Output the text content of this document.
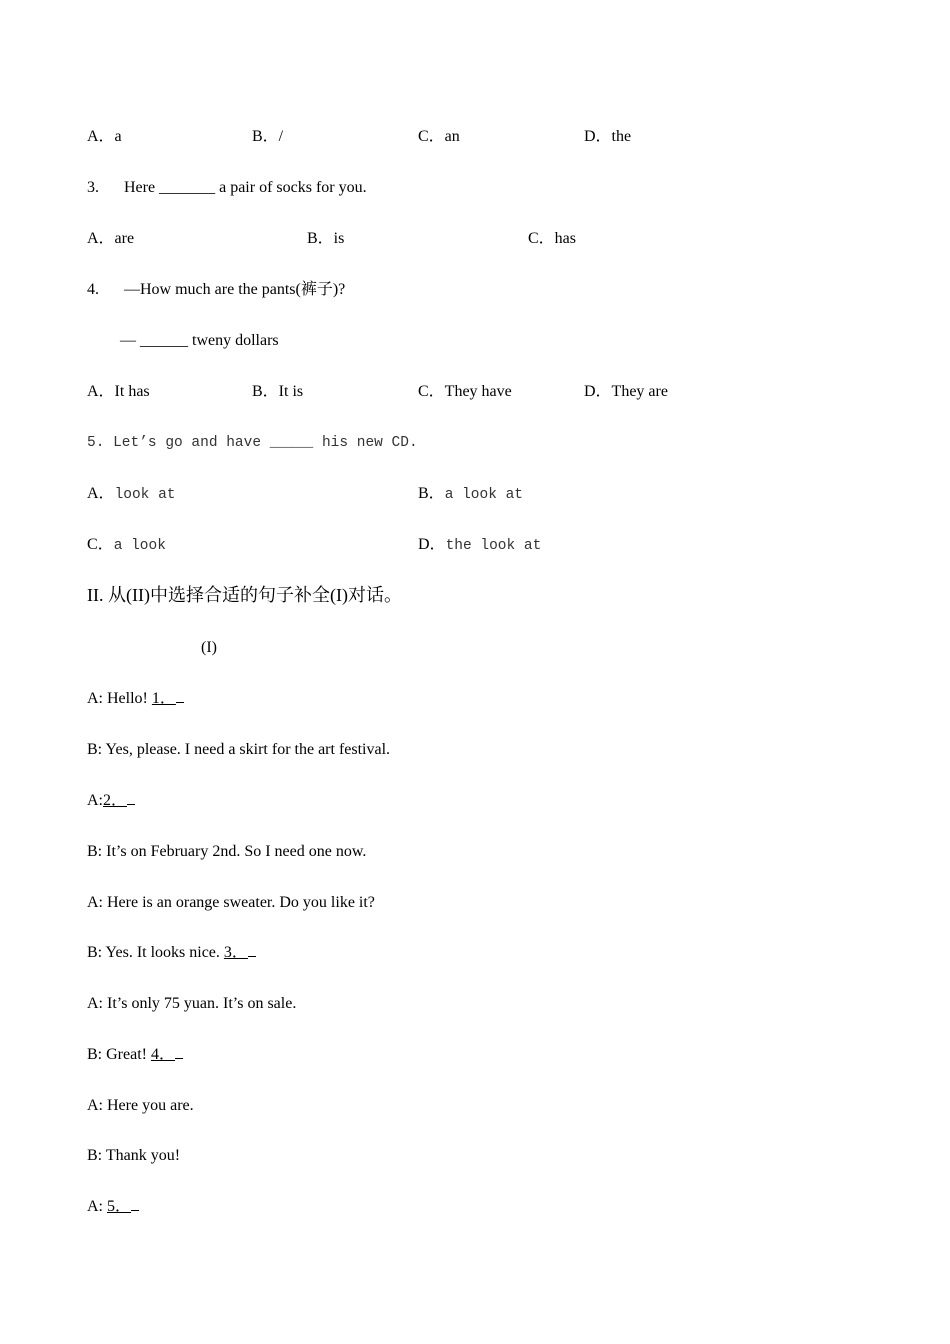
A．a	B．/	C．an	D．the
3. Here _______ a pair of socks for you.
A．are	B．is	C．has
4. —How much are the pants(裤子)?
— ______ tweny dollars
A．It has	B．It is	C．They have	D．They are
5. Let’s go and have _____ his new CD.
A．look at	B．a look at
C．a look	D．the look at
II. 从(II)中选择合适的句子补全(I)对话。
(I)
A: Hello! 1．
B: Yes, please. I need a skirt for the art festival.
A:2．
B: It’s on February 2nd. So I need one now.
A: Here is an orange sweater. Do you like it?
B: Yes. It looks nice. 3．
A: It’s only 75 yuan. It’s on sale.
B: Great! 4．
A: Here you are.
B: Thank you!
A: 5．
